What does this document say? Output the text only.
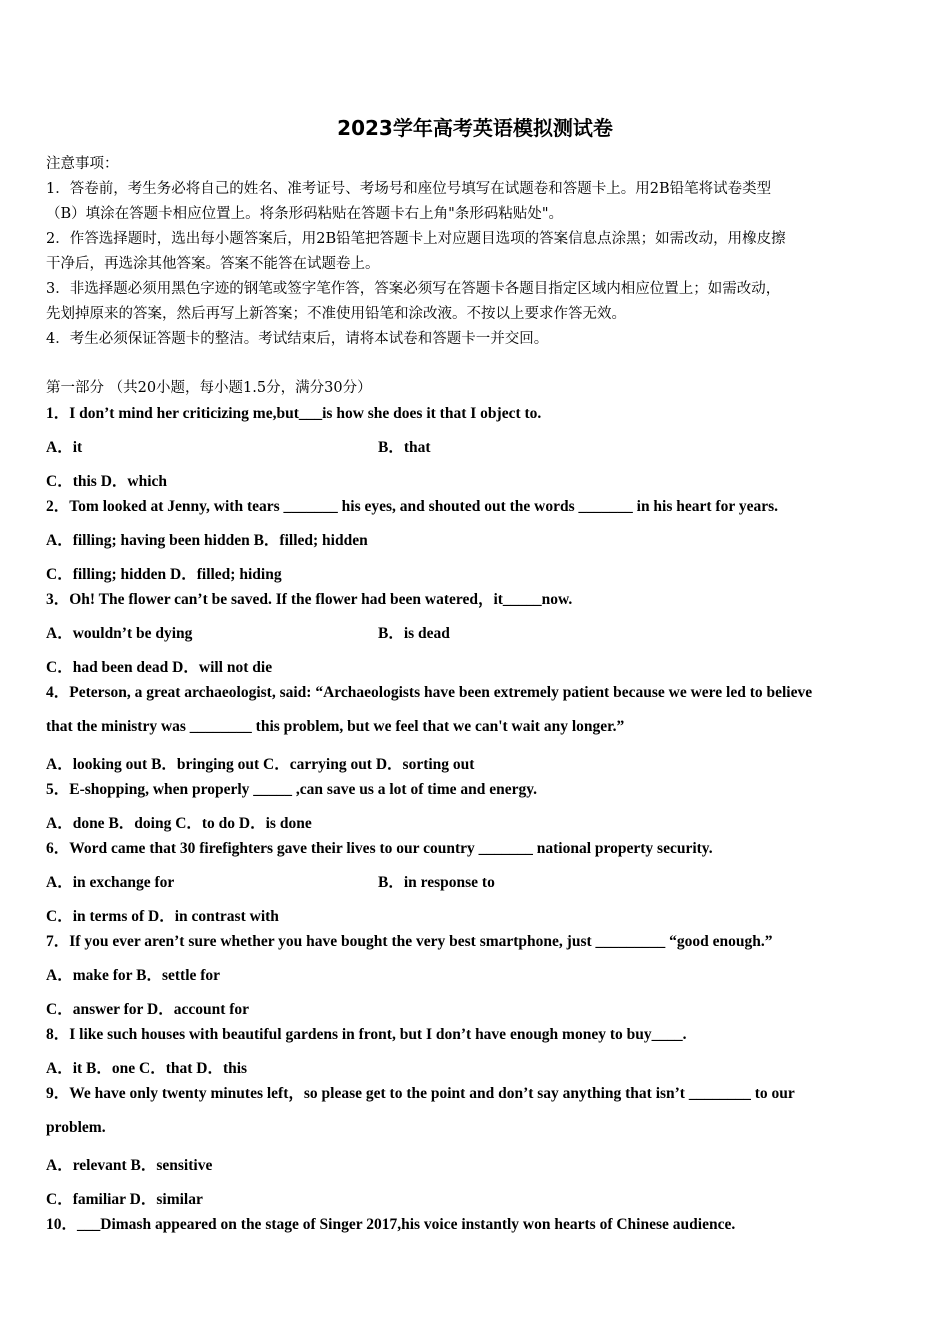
2023学年高考英语模拟测试卷
注意事项：
1．答卷前，考生务必将自己的姓名、准考证号、考场号和座位号填写在试题卷和答题卡上。用2B铅笔将试卷类型
（B）填涂在答题卡相应位置上。将条形码粘贴在答题卡右上角"条形码粘贴处"。
2．作答选择题时，选出每小题答案后，用2B铅笔把答题卡上对应题目选项的答案信息点涂黑；如需改动，用橡皮擦
干净后，再选涂其他答案。答案不能答在试题卷上。
3．非选择题必须用黑色字迹的钢笔或签字笔作答，答案必须写在答题卡各题目指定区域内相应位置上；如需改动，
先划掉原来的答案，然后再写上新答案；不准使用铅笔和涂改液。不按以上要求作答无效。
4．考生必须保证答题卡的整洁。考试结束后，请将本试卷和答题卡一并交回。
第一部分 （共20小题，每小题1.5分，满分30分）
1．I don’t mind her criticizing me,but___is how she does it that I object to.
A．it	B．that
C．this D．which
2．Tom looked at Jenny, with tears _______ his eyes, and shouted out the words _______ in his heart for years.
A．filling; having been hidden B．filled; hidden
C．filling; hidden D．filled; hiding
3．Oh! The flower can’t be saved. If the flower had been watered，it_____now.
A．wouldn’t be dying	B．is dead
C．had been dead D．will not die
4．Peterson, a great archaeologist, said: “Archaeologists have been extremely patient because we were led to believe
that the ministry was ________ this problem, but we feel that we can't wait any longer.”
A．looking out B．bringing out C．carrying out D．sorting out
5．E-shopping, when properly _____ ,can save us a lot of time and energy.
A．done B．doing C．to do D．is done
6．Word came that 30 firefighters gave their lives to our country _______ national property security.
A．in exchange for	B．in response to
C．in terms of D．in contrast with
7．If you ever aren’t sure whether you have bought the very best smartphone, just _________ “good enough.”
A．make for B．settle for
C．answer for D．account for
8．I like such houses with beautiful gardens in front, but I don’t have enough money to buy____.
A．it B．one C．that D．this
9．We have only twenty minutes left，so please get to the point and don’t say anything that isn’t ________ to our
problem.
A．relevant B．sensitive
C．familiar D．similar
10．___Dimash appeared on the stage of Singer 2017,his voice instantly won hearts of Chinese audience.
